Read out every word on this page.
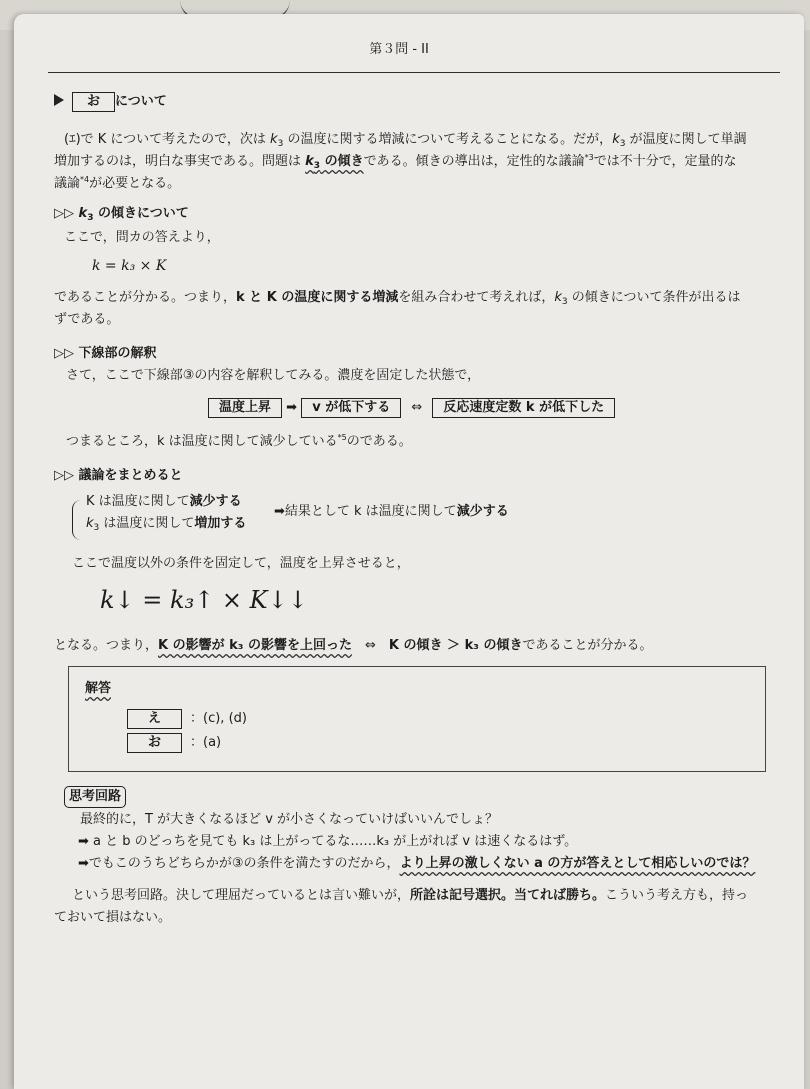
第３問 - II
お について
(ｴ)で K について考えたので，次は $k_3$ の温度に関する増減について考えることになる。だが，$k_3$ が温度に関して単調
増加するのは，明白な事実である。問題は $k_3$ の傾きである。傾きの導出は，定性的な議論$^{*3}$では不十分で，定量的な
議論$^{*4}$が必要となる。
▷▷ $k_3$ の傾きについて
ここで，問カの答えより，
k = k₃ × K
であることが分かる。つまり，k と K の温度に関する増減を組み合わせて考えれば，$k_3$ の傾きについて条件が出るは
ずである。
▷▷ 下線部の解釈
さて，ここで下線部③の内容を解釈してみる。濃度を固定した状態で，
温度上昇 ➡ v が低下する ⇔ 反応速度定数 k が低下した
つまるところ，k は温度に関して減少している$^{*5}$のである。
▷▷ 議論をまとめると
K は温度に関して減少する
$k_3$ は温度に関して増加する
➡結果として k は温度に関して減少する
ここで温度以外の条件を固定して，温度を上昇させると，
k↓ = k₃↑ × K↓↓
となる。つまり，K の影響が k₃ の影響を上回った　⇔　K の傾き ＞ k₃ の傾きであることが分かる。
解答
え ：(c), (d)
お ：(a)
思考回路
最終的に，T が大きくなるほど v が小さくなっていけばいいんでしょ？
➡ a と b のどっちを見ても k₃ は上がってるな……k₃ が上がれば v は速くなるはず。
➡でもこのうちどちらかが③の条件を満たすのだから，より上昇の激しくない a の方が答えとして相応しいのでは？
という思考回路。決して理屈だっているとは言い難いが，所詮は記号選択。当てれば勝ち。こういう考え方も，持っ
ておいて損はない。
